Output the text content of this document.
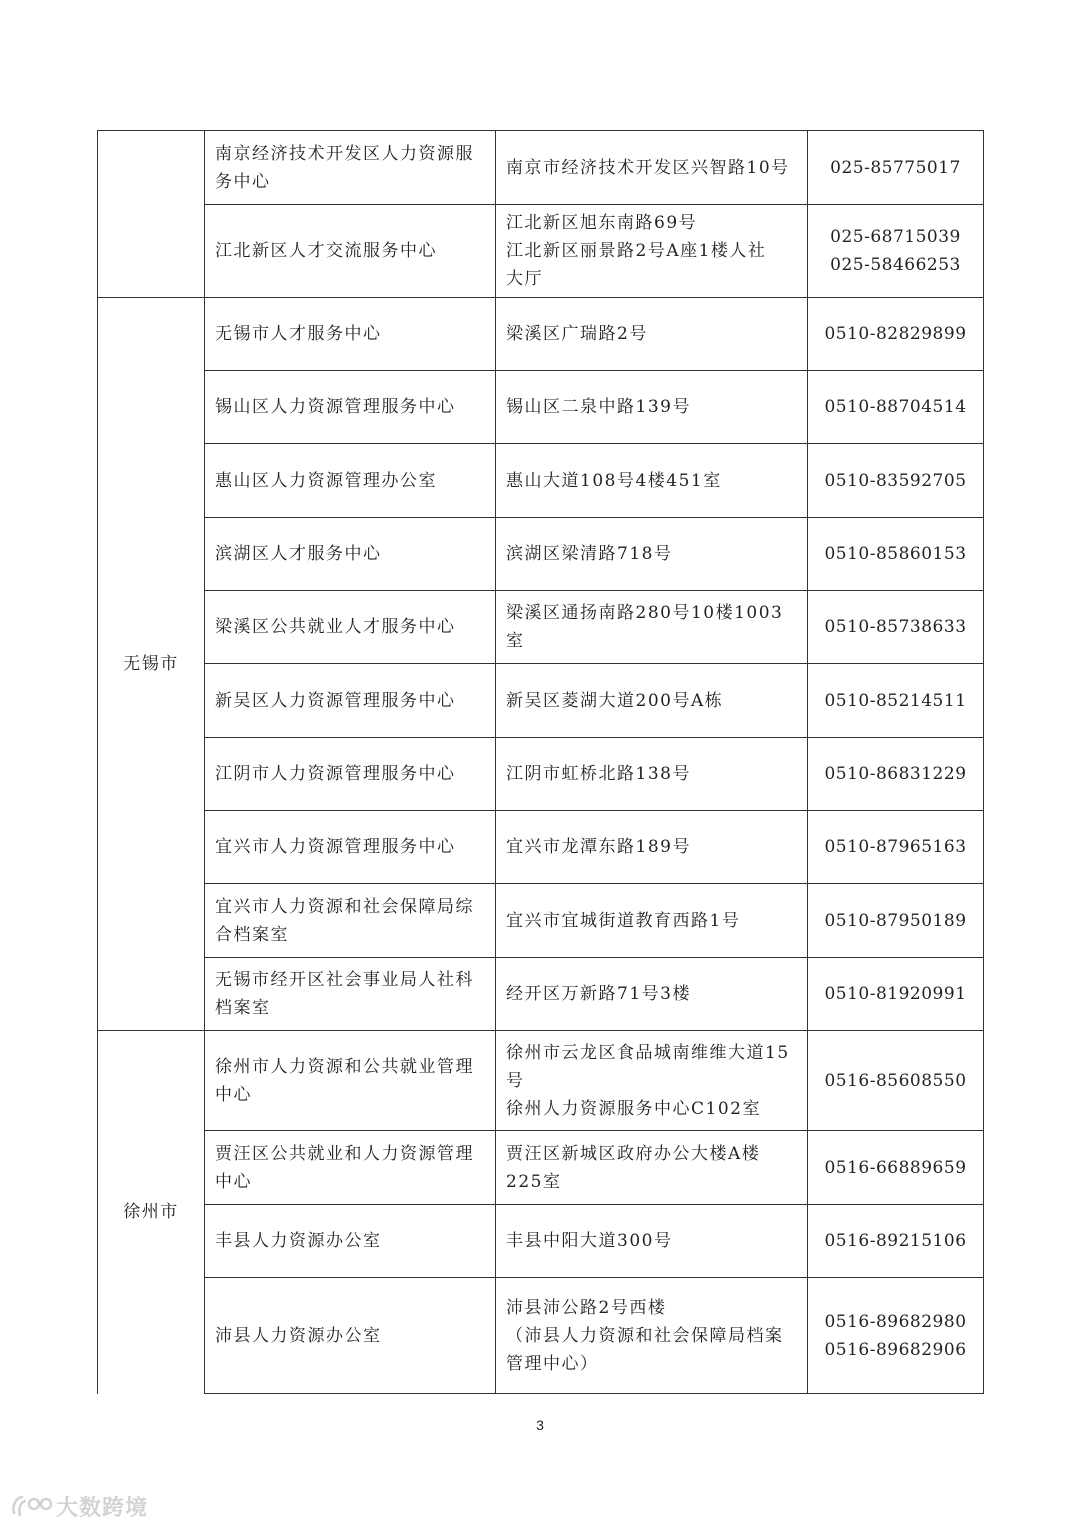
	南京经济技术开发区人力资源服
务中心	南京市经济技术开发区兴智路10号	025-85775017

	江北新区人才交流服务中心	江北新区旭东南路69号
江北新区丽景路2号A座1楼人社
大厅	025-68715039
025-58466253

无锡市	无锡市人才服务中心	梁溪区广瑞路2号	0510-82829899

	锡山区人力资源管理服务中心	锡山区二泉中路139号	0510-88704514

	惠山区人力资源管理办公室	惠山大道108号4楼451室	0510-83592705

	滨湖区人才服务中心	滨湖区梁清路718号	0510-85860153

	梁溪区公共就业人才服务中心	梁溪区通扬南路280号10楼1003
室	0510-85738633

	新吴区人力资源管理服务中心	新吴区菱湖大道200号A栋	0510-85214511

	江阴市人力资源管理服务中心	江阴市虹桥北路138号	0510-86831229

	宜兴市人力资源管理服务中心	宜兴市龙潭东路189号	0510-87965163

	宜兴市人力资源和社会保障局综
合档案室	宜兴市宜城街道教育西路1号	0510-87950189

	无锡市经开区社会事业局人社科
档案室	经开区万新路71号3楼	0510-81920991

徐州市	徐州市人力资源和公共就业管理
中心	徐州市云龙区食品城南维维大道15
号
徐州人力资源服务中心C102室	0516-85608550

	贾汪区公共就业和人力资源管理
中心	贾汪区新城区政府办公大楼A楼
225室	0516-66889659

	丰县人力资源办公室	丰县中阳大道300号	0516-89215106

	沛县人力资源办公室	沛县沛公路2号西楼
（沛县人力资源和社会保障局档案
管理中心）	0516-89682980
0516-89682906
3
大数跨境
